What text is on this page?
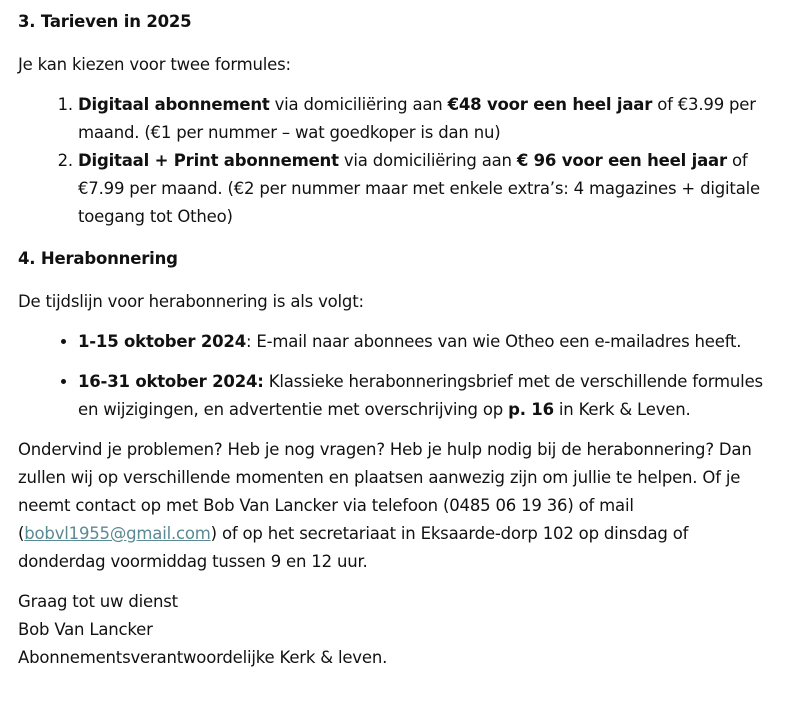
3. Tarieven in 2025

Je kan kiezen voor twee formules:

1. Digitaal abonnement via domiciliëring aan €48 voor een heel jaar of €3.99 per maand. (€1 per nummer – wat goedkoper is dan nu)
2. Digitaal + Print abonnement via domiciliëring aan € 96 voor een heel jaar of €7.99 per maand. (€2 per nummer maar met enkele extra’s: 4 magazines + digitale toegang tot Otheo)
4. Herabonnering

De tijdslijn voor herabonnering is als volgt:

• 1-15 oktober 2024: E-mail naar abonnees van wie Otheo een e-mailadres heeft.
• 16-31 oktober 2024: Klassieke herabonneringsbrief met de verschillende formules en wijzigingen, en advertentie met overschrijving op p. 16 in Kerk & Leven.

Ondervind je problemen? Heb je nog vragen? Heb je hulp nodig bij de herabonnering? Dan zullen wij op verschillende momenten en plaatsen aanwezig zijn om jullie te helpen. Of je neemt contact op met Bob Van Lancker via telefoon (0485 06 19 36) of mail (bobvl1955@gmail.com) of op het secretariaat in Eksaarde-dorp 102 op dinsdag of donderdag voormiddag tussen 9 en 12 uur.

Graag tot uw dienst

Bob Van Lancker

Abonnementsverantwoordelijke Kerk & leven.
